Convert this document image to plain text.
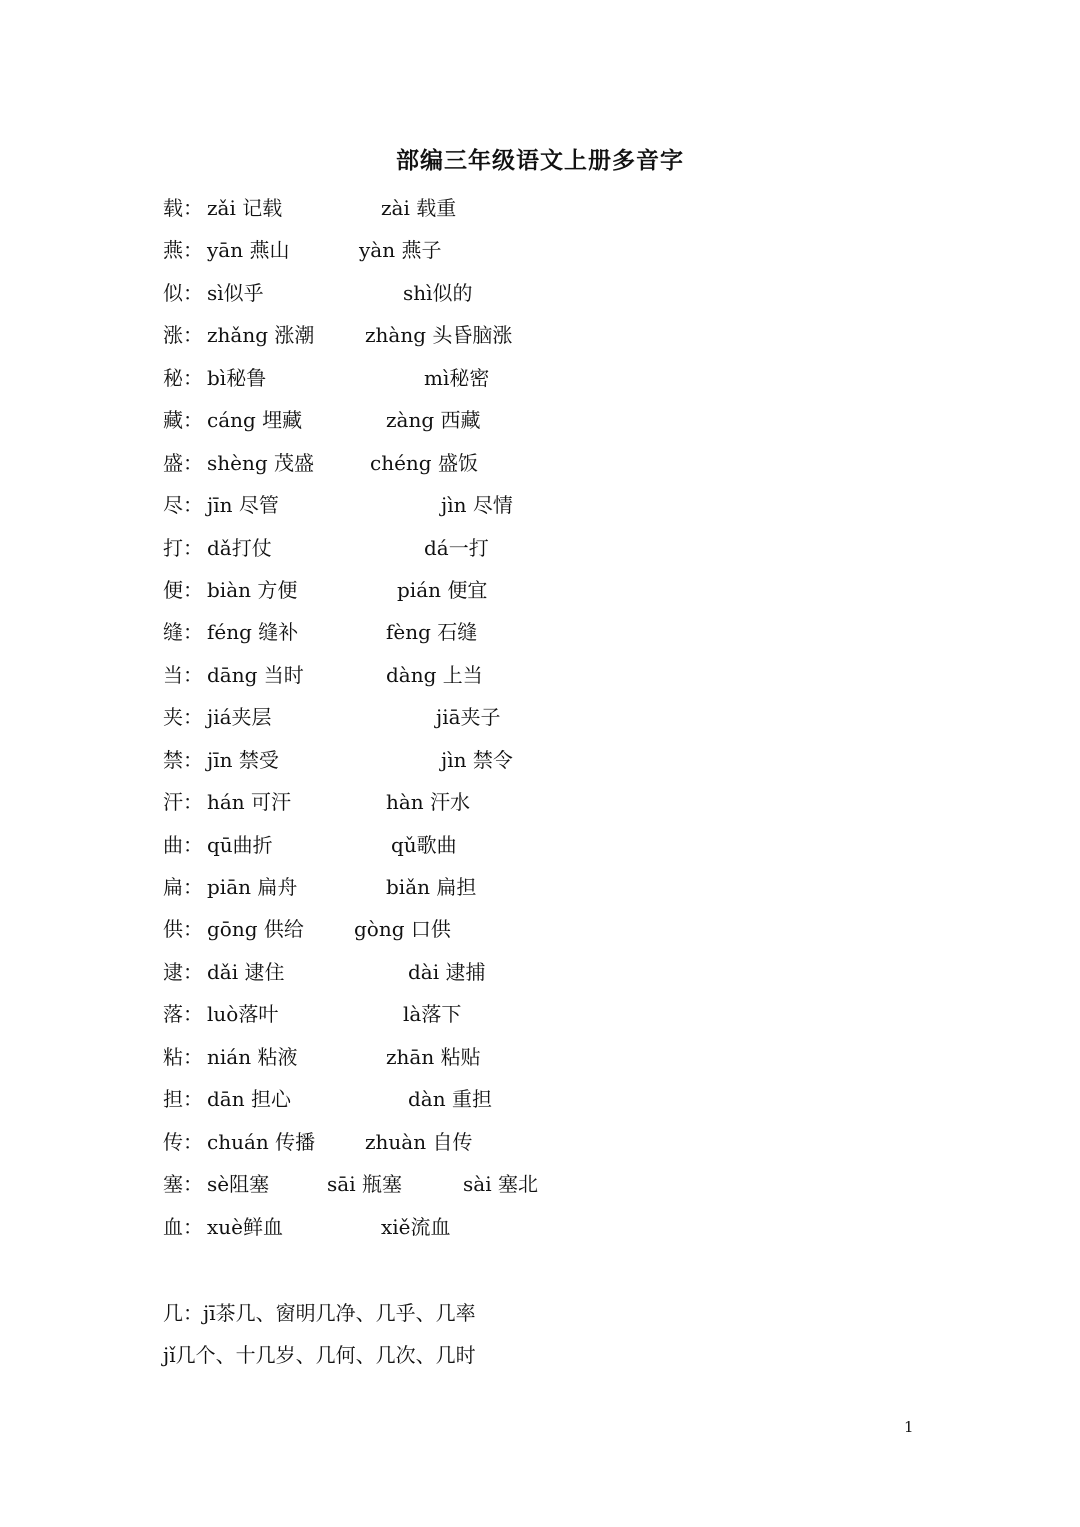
部编三年级语文上册多音字
载： zǎi 记载	zài 载重
燕： yān 燕山	yàn 燕子
似： sì似乎	shì似的
涨： zhǎng 涨潮	zhàng 头昏脑涨
秘： bì秘鲁	mì秘密
藏： cáng 埋藏	zàng 西藏
盛： shèng 茂盛	chéng 盛饭
尽： jīn 尽管	jìn 尽情
打： dǎ打仗	dá一打
便： biàn 方便	pián 便宜
缝： féng 缝补	fèng 石缝
当： dāng 当时	dàng 上当
夹： jiá夹层	jiā夹子
禁： jīn 禁受	jìn 禁令
汗： hán 可汗	hàn 汗水
曲： qū曲折	qǔ歌曲
扁： piān 扁舟	biǎn 扁担
供： gōng 供给	gòng 口供
逮： dǎi 逮住	dài 逮捕
落： luò落叶	là落下
粘： nián 粘液	zhān 粘贴
担： dān 担心	dàn 重担
传： chuán 传播 zhuàn 自传
塞： sè阻塞	sāi 瓶塞	sài 塞北
血： xuè鲜血	xiě流血
几：jī茶几、窗明几净、几乎、几率
jǐ几个、十几岁、几何、几次、几时
1
